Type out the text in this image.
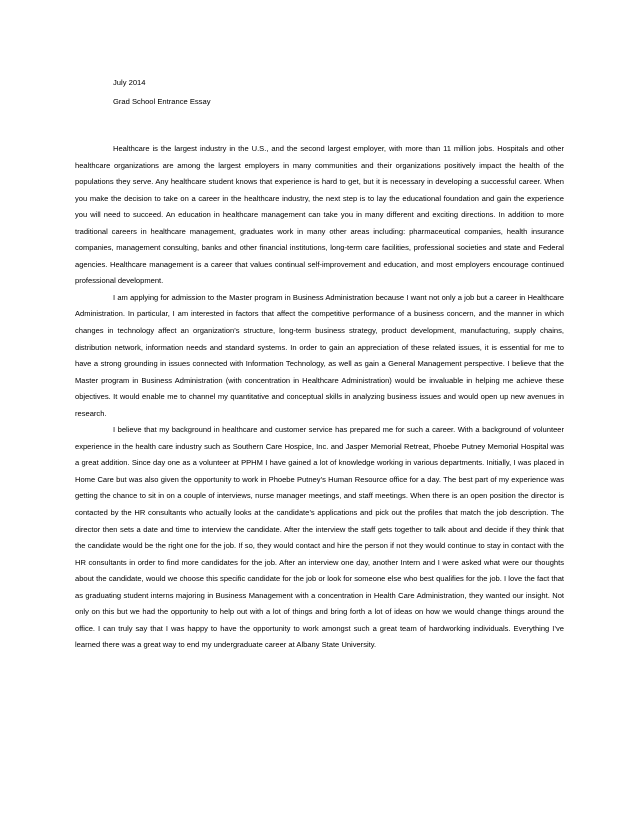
July 2014
Grad School Entrance Essay

Healthcare is the largest industry in the U.S., and the second largest employer, with more than 11 million jobs. Hospitals and other healthcare organizations are among the largest employers in many communities and their organizations positively impact the health of the populations they serve. Any healthcare student knows that experience is hard to get, but it is necessary in developing a successful career. When you make the decision to take on a career in the healthcare industry, the next step is to lay the educational foundation and gain the experience you will need to succeed. An education in healthcare management can take you in many different and exciting directions. In addition to more traditional careers in healthcare management, graduates work in many other areas including: pharmaceutical companies, health insurance companies, management consulting, banks and other financial institutions, long-term care facilities, professional societies and state and Federal agencies. Healthcare management is a career that values continual self-improvement and education, and most employers encourage continued professional development.

I am applying for admission to the Master program in Business Administration because I want not only a job but a career in Healthcare Administration. In particular, I am interested in factors that affect the competitive performance of a business concern, and the manner in which changes in technology affect an organization’s structure, long-term business strategy, product development, manufacturing, supply chains, distribution network, information needs and standard systems. In order to gain an appreciation of these related issues, it is essential for me to have a strong grounding in issues connected with Information Technology, as well as gain a General Management perspective. I believe that the Master program in Business Administration (with concentration in Healthcare Administration) would be invaluable in helping me achieve these objectives. It would enable me to channel my quantitative and conceptual skills in analyzing business issues and would open up new avenues in research.

I believe that my background in healthcare and customer service has prepared me for such a career. With a background of volunteer experience in the health care industry such as Southern Care Hospice, Inc. and Jasper Memorial Retreat, Phoebe Putney Memorial Hospital was a great addition. Since day one as a volunteer at PPHM I have gained a lot of knowledge working in various departments. Initially, I was placed in Home Care but was also given the opportunity to work in Phoebe Putney’s Human Resource office for a day. The best part of my experience was getting the chance to sit in on a couple of interviews, nurse manager meetings, and staff meetings. When there is an open position the director is contacted by the HR consultants who actually looks at the candidate’s applications and pick out the profiles that match the job description. The director then sets a date and time to interview the candidate. After the interview the staff gets together to talk about and decide if they think that the candidate would be the right one for the job. If so, they would contact and hire the person if not they would continue to stay in contact with the HR consultants in order to find more candidates for the job. After an interview one day, another Intern and I were asked what were our thoughts about the candidate, would we choose this specific candidate for the job or look for someone else who best qualifies for the job. I love the fact that as graduating student interns majoring in Business Management with a concentration in Health Care Administration, they wanted our insight. Not only on this but we had the opportunity to help out with a lot of things and bring forth a lot of ideas on how we would change things around the office. I can truly say that I was happy to have the opportunity to work amongst such a great team of hardworking individuals. Everything I’ve learned there was a great way to end my undergraduate career at Albany State University.
